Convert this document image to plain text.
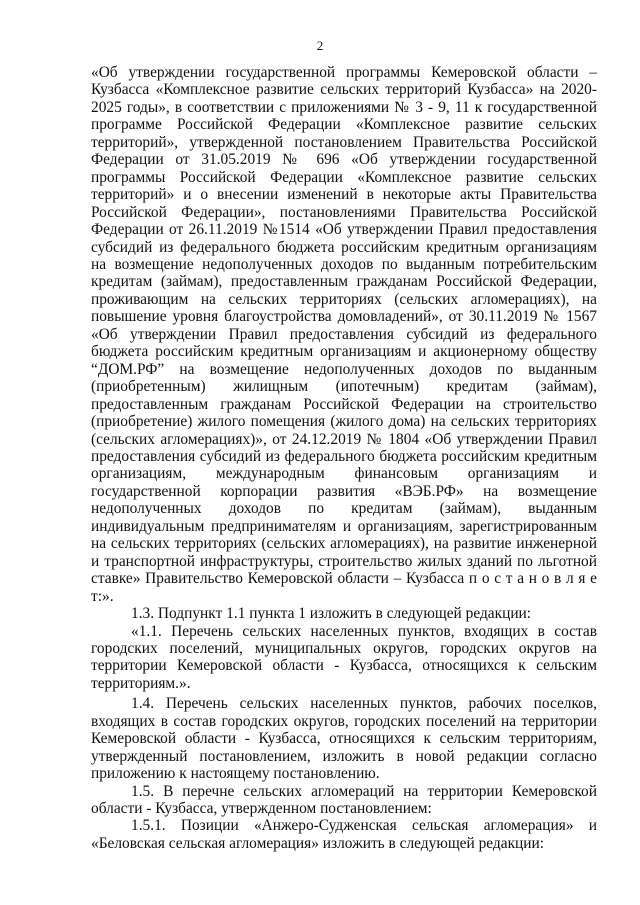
2

«Об утверждении государственной программы Кемеровской области – Кузбасса «Комплексное развитие сельских территорий Кузбасса» на 2020-2025 годы», в соответствии с приложениями № 3 - 9, 11 к государственной программе Российской Федерации «Комплексное развитие сельских территорий», утвержденной постановлением Правительства Российской Федерации от 31.05.2019 № 696 «Об утверждении государственной программы Российской Федерации «Комплексное развитие сельских территорий» и о внесении изменений в некоторые акты Правительства Российской Федерации», постановлениями Правительства Российской Федерации от 26.11.2019 №1514 «Об утверждении Правил предоставления субсидий из федерального бюджета российским кредитным организациям на возмещение недополученных доходов по выданным потребительским кредитам (займам), предоставленным гражданам Российской Федерации, проживающим на сельских территориях (сельских агломерациях), на повышение уровня благоустройства домовладений», от 30.11.2019 № 1567 «Об утверждении Правил предоставления субсидий из федерального бюджета российским кредитным организациям и акционерному обществу “ДОМ.РФ” на возмещение недополученных доходов по выданным (приобретенным) жилищным (ипотечным) кредитам (займам), предоставленным гражданам Российской Федерации на строительство (приобретение) жилого помещения (жилого дома) на сельских территориях (сельских агломерациях)», от 24.12.2019 № 1804 «Об утверждении Правил предоставления субсидий из федерального бюджета российским кредитным организациям, международным финансовым организациям и государственной корпорации развития «ВЭБ.РФ» на возмещение недополученных доходов по кредитам (займам), выданным индивидуальным предпринимателям и организациям, зарегистрированным на сельских территориях (сельских агломерациях), на развитие инженерной и транспортной инфраструктуры, строительство жилых зданий по льготной ставке» Правительство Кемеровской области – Кузбасса п о с т а н о в л я е т:».

1.3. Подпункт 1.1 пункта 1 изложить в следующей редакции:

«1.1. Перечень сельских населенных пунктов, входящих в состав городских поселений, муниципальных округов, городских округов на территории Кемеровской области - Кузбасса, относящихся к сельским территориям.».

1.4. Перечень сельских населенных пунктов, рабочих поселков, входящих в состав городских округов, городских поселений на территории Кемеровской области - Кузбасса, относящихся к сельским территориям, утвержденный постановлением, изложить в новой редакции согласно приложению к настоящему постановлению.

1.5. В перечне сельских агломераций на территории Кемеровской области - Кузбасса, утвержденном постановлением:

1.5.1. Позиции «Анжеро-Судженская сельская агломерация» и «Беловская сельская агломерация» изложить в следующей редакции:
